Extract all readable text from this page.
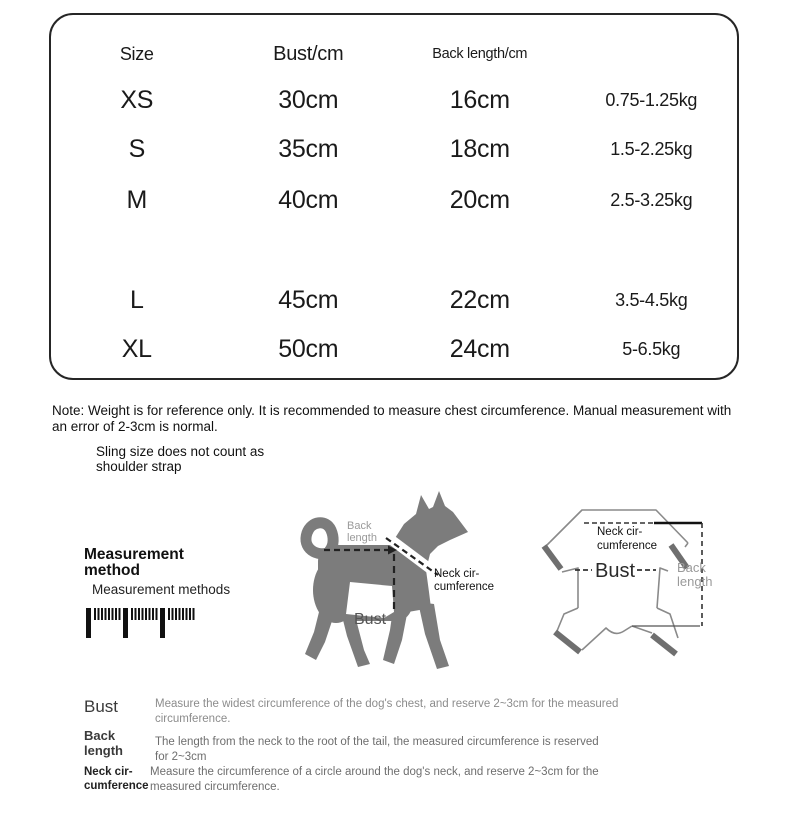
Size	Bust/cm	Back length/cm
XS	30cm	16cm	0.75-1.25kg
S	35cm	18cm	1.5-2.25kg
M	40cm	20cm	2.5-3.25kg
L	45cm	22cm	3.5-4.5kg
XL	50cm	24cm	5-6.5kg
Note: Weight is for reference only. It is recommended to measure chest circumference. Manual measurement with an error of 2-3cm is normal.
Sling size does not count as shoulder strap
Measurement method
Measurement methods
Back
length
Neck cir-
cumference
Bust
Neck cir-
cumference
Bust	Back
length
Bust	Measure the widest circumference of the dog's chest, and reserve 2~3cm for the measured circumference.
Back
length
The length from the neck to the root of the tail, the measured circumference is reserved for 2~3cm
Neck cir-
cumference
Measure the circumference of a circle around the dog's neck, and reserve 2~3cm for the measured circumference.
